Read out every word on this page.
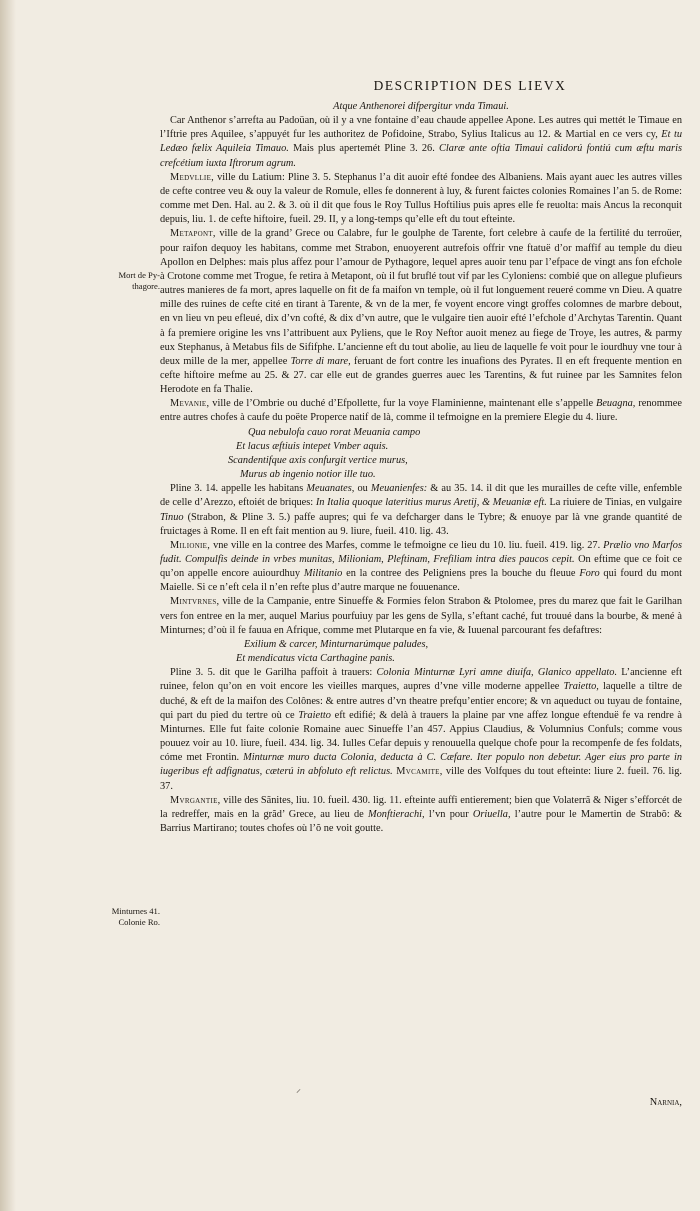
DESCRIPTION DES LIEVX
Mort de Py-
thagore.
Minturnes 41.
Colonie Ro.

Atque Anthenorei difpergitur vnda Timaui.

Car Anthenor s’arrefta au Padoüan, où il y a vne fontaine d’eau chaude appellee Apone. Les autres qui mettét le Timaue en l’Iftrie pres Aquilee, s’appuyét fur les authoritez de Pofidoine, Strabo, Sylius Italicus au 12. & Martial en ce vers cy, Et tu Ledæo fælix Aquileia Timauo. Mais plus apertemét Pline 3. 26. Claræ ante oftia Timaui calidorú fontiú cum æftu maris crefcétium iuxta Iftrorum agrum.

Medvllie, ville du Latium: Pline 3. 5. Stephanus l’a dit auoir efté fondee des Albaniens. Mais ayant auec les autres villes de cefte contree veu & ouy la valeur de Romule, elles fe donnerent à luy, & furent faictes colonies Romaines l’an 5. de Rome: comme met Den. Hal. au 2. & 3. où il dit que fous le Roy Tullus Hoftilius puis apres elle fe reuolta: mais Ancus la reconquit depuis, liu. 1. de cefte hiftoire, fueil. 29. II, y a long-temps qu’elle eft du tout efteinte.

Metapont, ville de la grand’ Grece ou Calabre, fur le goulphe de Tarente, fort celebre à caufe de la fertilité du terroüer, pour raifon dequoy les habitans, comme met Strabon, enuoyerent autrefois offrir vne ftatuë d’or maffif au temple du dieu Apollon en Delphes: mais plus affez pour l’amour de Pythagore, lequel apres auoir tenu par l’efpace de vingt ans fon efchole à Crotone comme met Trogue, fe retira à Metapont, où il fut bruflé tout vif par les Cyloniens: combié que on allegue plufieurs autres manieres de fa mort, apres laquelle on fit de fa maifon vn temple, où il fut longuement reueré comme vn Dieu. A quatre mille des ruines de cefte cité en tirant à Tarente, & vn de la mer, fe voyent encore vingt groffes colomnes de marbre debout, en vn lieu vn peu efleué, dix d’vn cofté, & dix d’vn autre, que le vulgaire tien auoir efté l’efchole d’Archytas Tarentin. Quant à fa premiere origine les vns l’attribuent aux Pyliens, que le Roy Neftor auoit menez au fiege de Troye, les autres, & parmy eux Stephanus, à Metabus fils de Sififphe. L’ancienne eft du tout abolie, au lieu de laquelle fe voit pour le iourdhuy vne tour à deux mille de la mer, appellee Torre di mare, feruant de fort contre les inuafions des Pyrates. Il en eft frequente mention en cefte hiftoire mefme au 25. & 27. car elle eut de grandes guerres auec les Tarentins, & fut ruinee par les Samnites felon Herodote en fa Thalie.

Mevanie, ville de l’Ombrie ou duché d’Efpollette, fur la voye Flaminienne, maintenant elle s’appelle Beuagna, renommee entre autres chofes à caufe du poëte Properce natif de là, comme il tefmoigne en la premiere Elegie du 4. liure.

Qua nebulofa cauo rorat Meuania campo

Et lacus æftiuis intepet Vmber aquis.

Scandentifque axis confurgit vertice murus,

Murus ab ingenio notior ille tuo.

Pline 3. 14. appelle les habitans Meuanates, ou Meuanienfes: & au 35. 14. il dit que les murailles de cefte ville, enfemble de celle d’Arezzo, eftoiét de briques: In Italia quoque lateritius murus Aretij, & Meuaniæ eft. La riuiere de Tinias, en vulgaire Tinuo (Strabon, & Pline 3. 5.) paffe aupres; qui fe va defcharger dans le Tybre; & enuoye par là vne grande quantité de fruictages à Rome. Il en eft fait mention au 9. liure, fueil. 410. lig. 43.

Milionie, vne ville en la contree des Marfes, comme le tefmoigne ce lieu du 10. liu. fueil. 419. lig. 27. Prælio vno Marfos fudit. Compulfis deinde in vrbes munitas, Milioniam, Pleftinam, Frefiliam intra dies paucos cepit. On eftime que ce foit ce qu’on appelle encore auiourdhuy Militanio en la contree des Peligniens pres la bouche du fleuue Foro qui fourd du mont Maielle. Si ce n’eft cela il n’en refte plus d’autre marque ne fouuenance.

Mintvrnes, ville de la Campanie, entre Sinueffe & Formies felon Strabon & Ptolomee, pres du marez que fait le Garilhan vers fon entree en la mer, auquel Marius pourfuiuy par les gens de Sylla, s’eftant caché, fut trouué dans la bourbe, & mené à Minturnes; d’où il fe fauua en Afrique, comme met Plutarque en fa vie, & Iuuenal parcourant fes defaftres:

Exilium & carcer, Minturnarúmque paludes,

Et mendicatus victa Carthagine panis.

Pline 3. 5. dit que le Garilha paffoit à trauers: Colonia Minturnæ Lyri amne diuifa, Glanico appellato. L’ancienne eft ruinee, felon qu’on en voit encore les vieilles marques, aupres d’vne ville moderne appellee Traietto, laquelle a tiltre de duché, & eft de la maifon des Colônes: & entre autres d’vn theatre prefqu’entier encore; & vn aqueduct ou tuyau de fontaine, qui part du pied du tertre où ce Traietto eft edifié; & delà à trauers la plaine par vne affez longue eftenduë fe va rendre à Minturnes. Elle fut faite colonie Romaine auec Sinueffe l’an 457. Appius Claudius, & Volumnius Confuls; comme vous pouuez voir au 10. liure, fueil. 434. lig. 34. Iulles Cefar depuis y renouuella quelque chofe pour la recompenfe de fes foldats, cóme met Frontin. Minturnæ muro ducta Colonia, deducta à C. Cæfare. Iter populo non debetur. Ager eius pro parte in iugeribus eft adfignatus, cæterú in abfoluto eft relictus. Mvcamite, ville des Volfques du tout efteinte: liure 2. fueil. 76. lig. 37.

Mvrgantie, ville des Sãnites, liu. 10. fueil. 430. lig. 11. efteinte auffi entierement; bien que Volaterrã & Niger s’efforcét de la redreffer, mais en la grãd’ Grece, au lieu de Monftierachi, l’vn pour Oriuella, l’autre pour le Mamertin de Strabõ: & Barrius Martirano; toutes chofes où l’õ ne voit goutte.

Narnia,
⸝
